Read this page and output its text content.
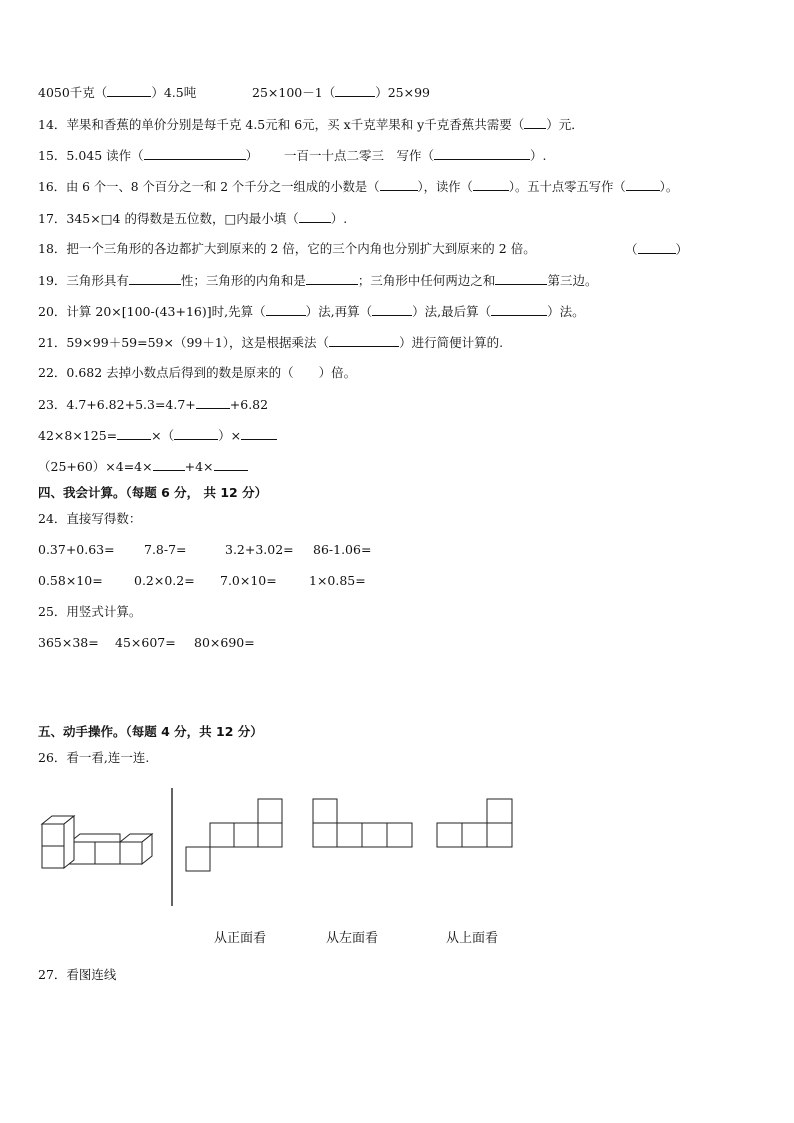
4050千克（	）4.5吨	25×100－1（	）25×99
14．苹果和香蕉的单价分别是每千克 4.5元和 6元，买 x千克苹果和 y千克香蕉共需要（ ）元．
15．5.045 读作（	） 一百一十点二零三　写作（	）.
16．由 6 个一、8 个百分之一和 2 个千分之一组成的小数是（	），读作（	）。五十点零五写作（	）。
17．345×□4 的得数是五位数，□内最小填（	）.
18．把一个三角形的各边都扩大到原来的 2 倍，它的三个内角也分别扩大到原来的 2 倍。	（	）
19．三角形具有	性；三角形的内角和是	；三角形中任何两边之和	第三边。
20．计算 20×[100-(43+16)]时,先算（	）法,再算（	）法,最后算（	）法。
21．59×99＋59=59×（99＋1），这是根据乘法（	）进行简便计算的.
22．0.682 去掉小数点后得到的数是原来的（　　）倍。
23．4.7+6.82+5.3=4.7+	+6.82
42×8×125=	×（	）×
（25+60）×4=4×	+4×
四、我会计算。（每题 6 分， 共 12 分）
24．直接写得数：
0.37+0.63= 7.8-7=	3.2+3.02= 86-1.06=
0.58×10=	0.2×0.2= 7.0×10=	1×0.85=
25．用竖式计算。
365×38= 45×607= 80×690=
五、动手操作。（每题 4 分，共 12 分）
26．看一看,连一连.
从正面看	从左面看	从上面看
27．看图连线
